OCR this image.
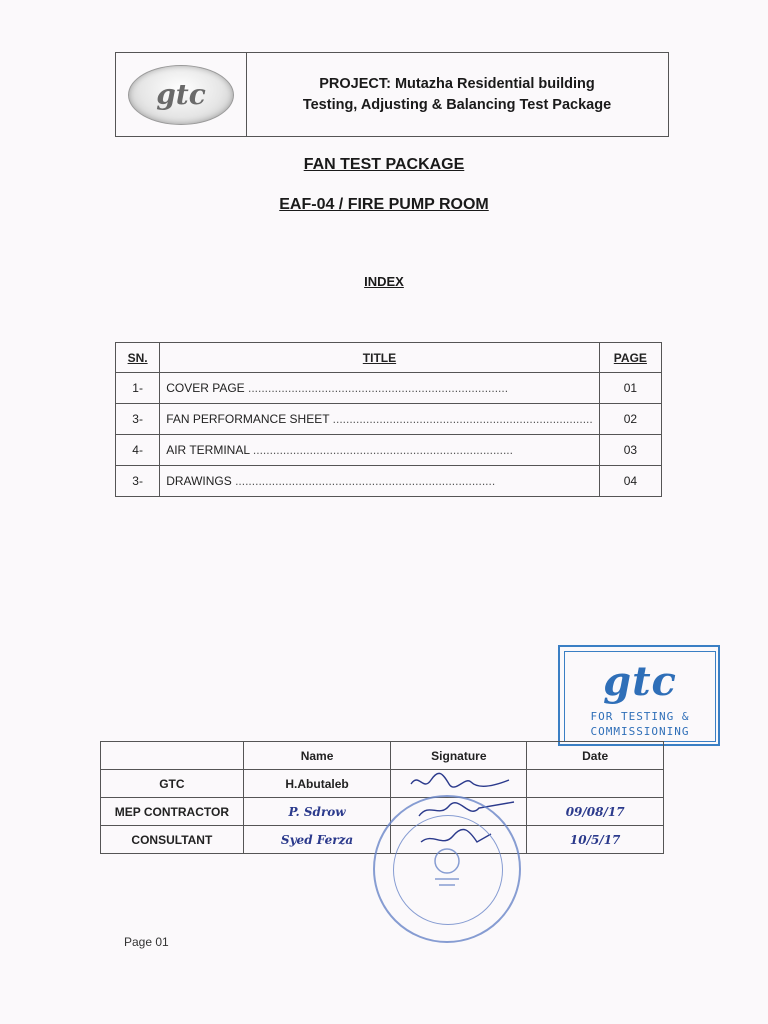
gtc	PROJECT: Mutazha Residential building
Testing, Adjusting & Balancing Test Package
FAN TEST PACKAGE
EAF-04 / FIRE PUMP ROOM
INDEX
SN.	TITLE	PAGE
1-	COVER PAGE ..............................................................................	01
3-	FAN PERFORMANCE SHEET ..............................................................................	02
4-	AIR TERMINAL ..............................................................................	03
3-	DRAWINGS ..............................................................................	04
gtc
FOR TESTING &
COMMISSIONING
	Name	Signature	Date
GTC	H.Abutaleb		
MEP CONTRACTOR	P. Sdrow		09/08/17
CONSULTANT	Syed Ferza		10/5/17
Page 01
